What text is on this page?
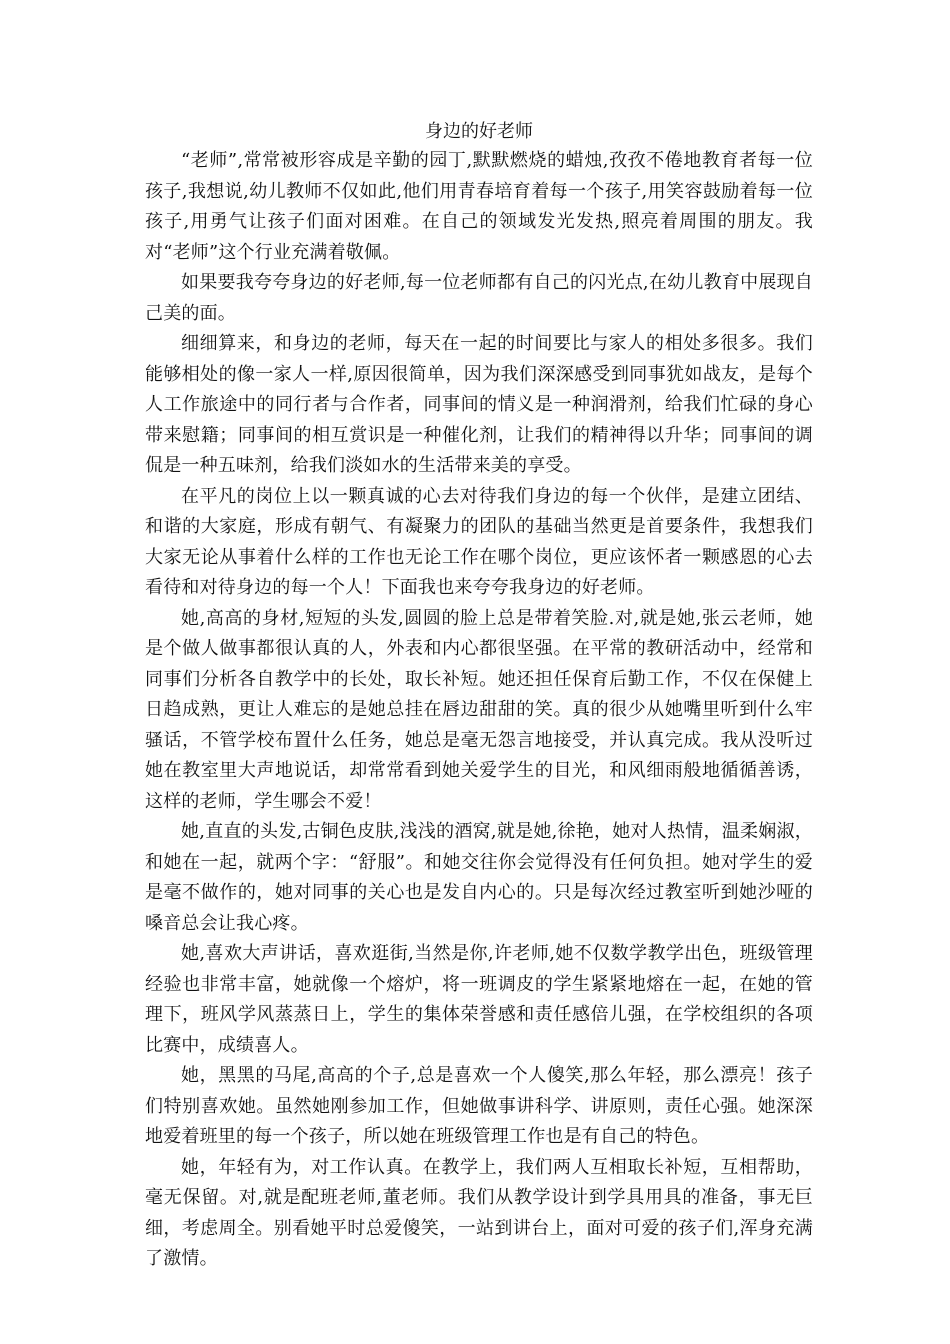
身边的好老师

“老师”,常常被形容成是辛勤的园丁,默默燃烧的蜡烛,孜孜不倦地教育者每一位孩子,我想说,幼儿教师不仅如此,他们用青春培育着每一个孩子,用笑容鼓励着每一位孩子,用勇气让孩子们面对困难。在自己的领域发光发热,照亮着周围的朋友。我对“老师”这个行业充满着敬佩。

如果要我夸夸身边的好老师,每一位老师都有自己的闪光点,在幼儿教育中展现自己美的面。

细细算来，和身边的老师，每天在一起的时间要比与家人的相处多很多。我们能够相处的像一家人一样,原因很简单，因为我们深深感受到同事犹如战友，是每个人工作旅途中的同行者与合作者，同事间的情义是一种润滑剂，给我们忙碌的身心带来慰籍；同事间的相互赏识是一种催化剂，让我们的精神得以升华；同事间的调侃是一种五味剂，给我们淡如水的生活带来美的享受。

在平凡的岗位上以一颗真诚的心去对待我们身边的每一个伙伴，是建立团结、和谐的大家庭，形成有朝气、有凝聚力的团队的基础当然更是首要条件，我想我们大家无论从事着什么样的工作也无论工作在哪个岗位，更应该怀者一颗感恩的心去看待和对待身边的每一个人！下面我也来夸夸我身边的好老师。

她,高高的身材,短短的头发,圆圆的脸上总是带着笑脸.对,就是她,张云老师，她是个做人做事都很认真的人，外表和内心都很坚强。在平常的教研活动中，经常和同事们分析各自教学中的长处，取长补短。她还担任保育后勤工作，不仅在保健上日趋成熟，更让人难忘的是她总挂在唇边甜甜的笑。真的很少从她嘴里听到什么牢骚话，不管学校布置什么任务，她总是毫无怨言地接受，并认真完成。我从没听过她在教室里大声地说话，却常常看到她关爱学生的目光，和风细雨般地循循善诱，这样的老师，学生哪会不爱！

她,直直的头发,古铜色皮肤,浅浅的酒窝,就是她,徐艳，她对人热情，温柔娴淑，和她在一起，就两个字：“舒服”。和她交往你会觉得没有任何负担。她对学生的爱是毫不做作的，她对同事的关心也是发自内心的。只是每次经过教室听到她沙哑的嗓音总会让我心疼。

她,喜欢大声讲话，喜欢逛街,当然是你,许老师,她不仅数学教学出色，班级管理经验也非常丰富，她就像一个熔炉，将一班调皮的学生紧紧地熔在一起，在她的管理下，班风学风蒸蒸日上，学生的集体荣誉感和责任感倍儿强，在学校组织的各项比赛中，成绩喜人。

她，黑黑的马尾,高高的个子,总是喜欢一个人傻笑,那么年轻，那么漂亮！孩子们特别喜欢她。虽然她刚参加工作，但她做事讲科学、讲原则，责任心强。她深深地爱着班里的每一个孩子，所以她在班级管理工作也是有自己的特色。

她，年轻有为，对工作认真。在教学上，我们两人互相取长补短，互相帮助，毫无保留。对,就是配班老师,董老师。我们从教学设计到学具用具的准备，事无巨细，考虑周全。别看她平时总爱傻笑，一站到讲台上，面对可爱的孩子们,浑身充满了激情。
